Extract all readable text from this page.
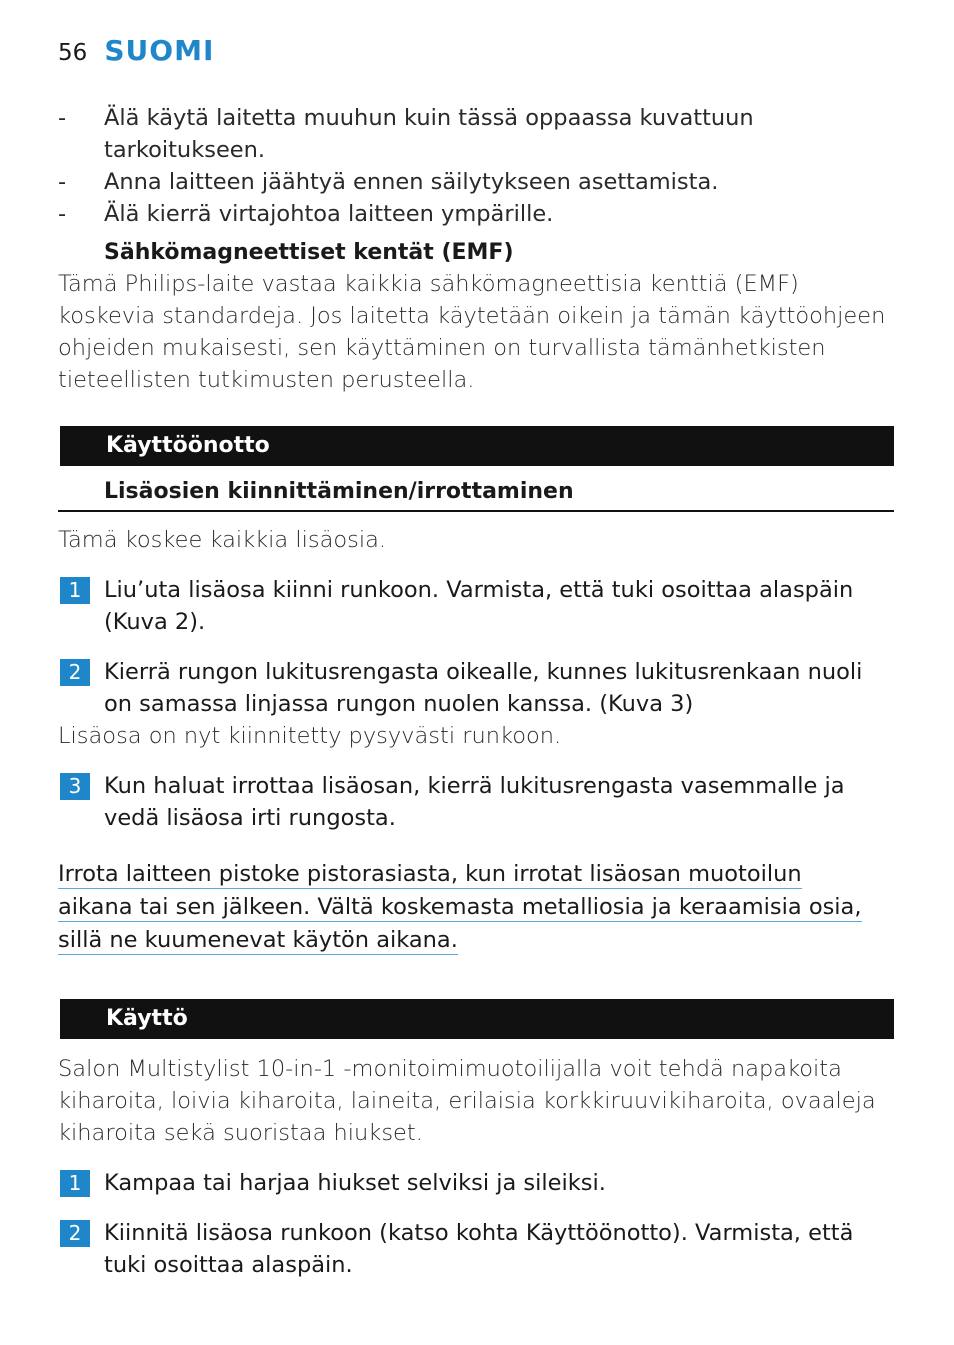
56 SUOMI
- Älä käytä laitetta muuhun kuin tässä oppaassa kuvattuun tarkoitukseen.
- Anna laitteen jäähtyä ennen säilytykseen asettamista.
- Älä kierrä virtajohtoa laitteen ympärille.
Sähkömagneettiset kentät (EMF)
Tämä Philips-laite vastaa kaikkia sähkömagneettisia kenttiä (EMF) koskevia standardeja. Jos laitetta käytetään oikein ja tämän käyttöohjeen ohjeiden mukaisesti, sen käyttäminen on turvallista tämänhetkisten tieteellisten tutkimusten perusteella.
Käyttöönotto
Lisäosien kiinnittäminen/irrottaminen
Tämä koskee kaikkia lisäosia.
1	Liu’uta lisäosa kiinni runkoon. Varmista, että tuki osoittaa alaspäin (Kuva 2).
2	Kierrä rungon lukitusrengasta oikealle, kunnes lukitusrenkaan nuoli on samassa linjassa rungon nuolen kanssa. (Kuva 3)
Lisäosa on nyt kiinnitetty pysyvästi runkoon.
3	Kun haluat irrottaa lisäosan, kierrä lukitusrengasta vasemmalle ja vedä lisäosa irti rungosta.
Irrota laitteen pistoke pistorasiasta, kun irrotat lisäosan muotoilun
aikana tai sen jälkeen. Vältä koskemasta metalliosia ja keraamisia osia,
sillä ne kuumenevat käytön aikana.
Käyttö
Salon Multistylist 10-in-1 -monitoimimuotoilijalla voit tehdä napakoita kiharoita, loivia kiharoita, laineita, erilaisia korkkiruuvikiharoita, ovaaleja kiharoita sekä suoristaa hiukset.
1	Kampaa tai harjaa hiukset selviksi ja sileiksi.
2	Kiinnitä lisäosa runkoon (katso kohta Käyttöönotto). Varmista, että tuki osoittaa alaspäin.
